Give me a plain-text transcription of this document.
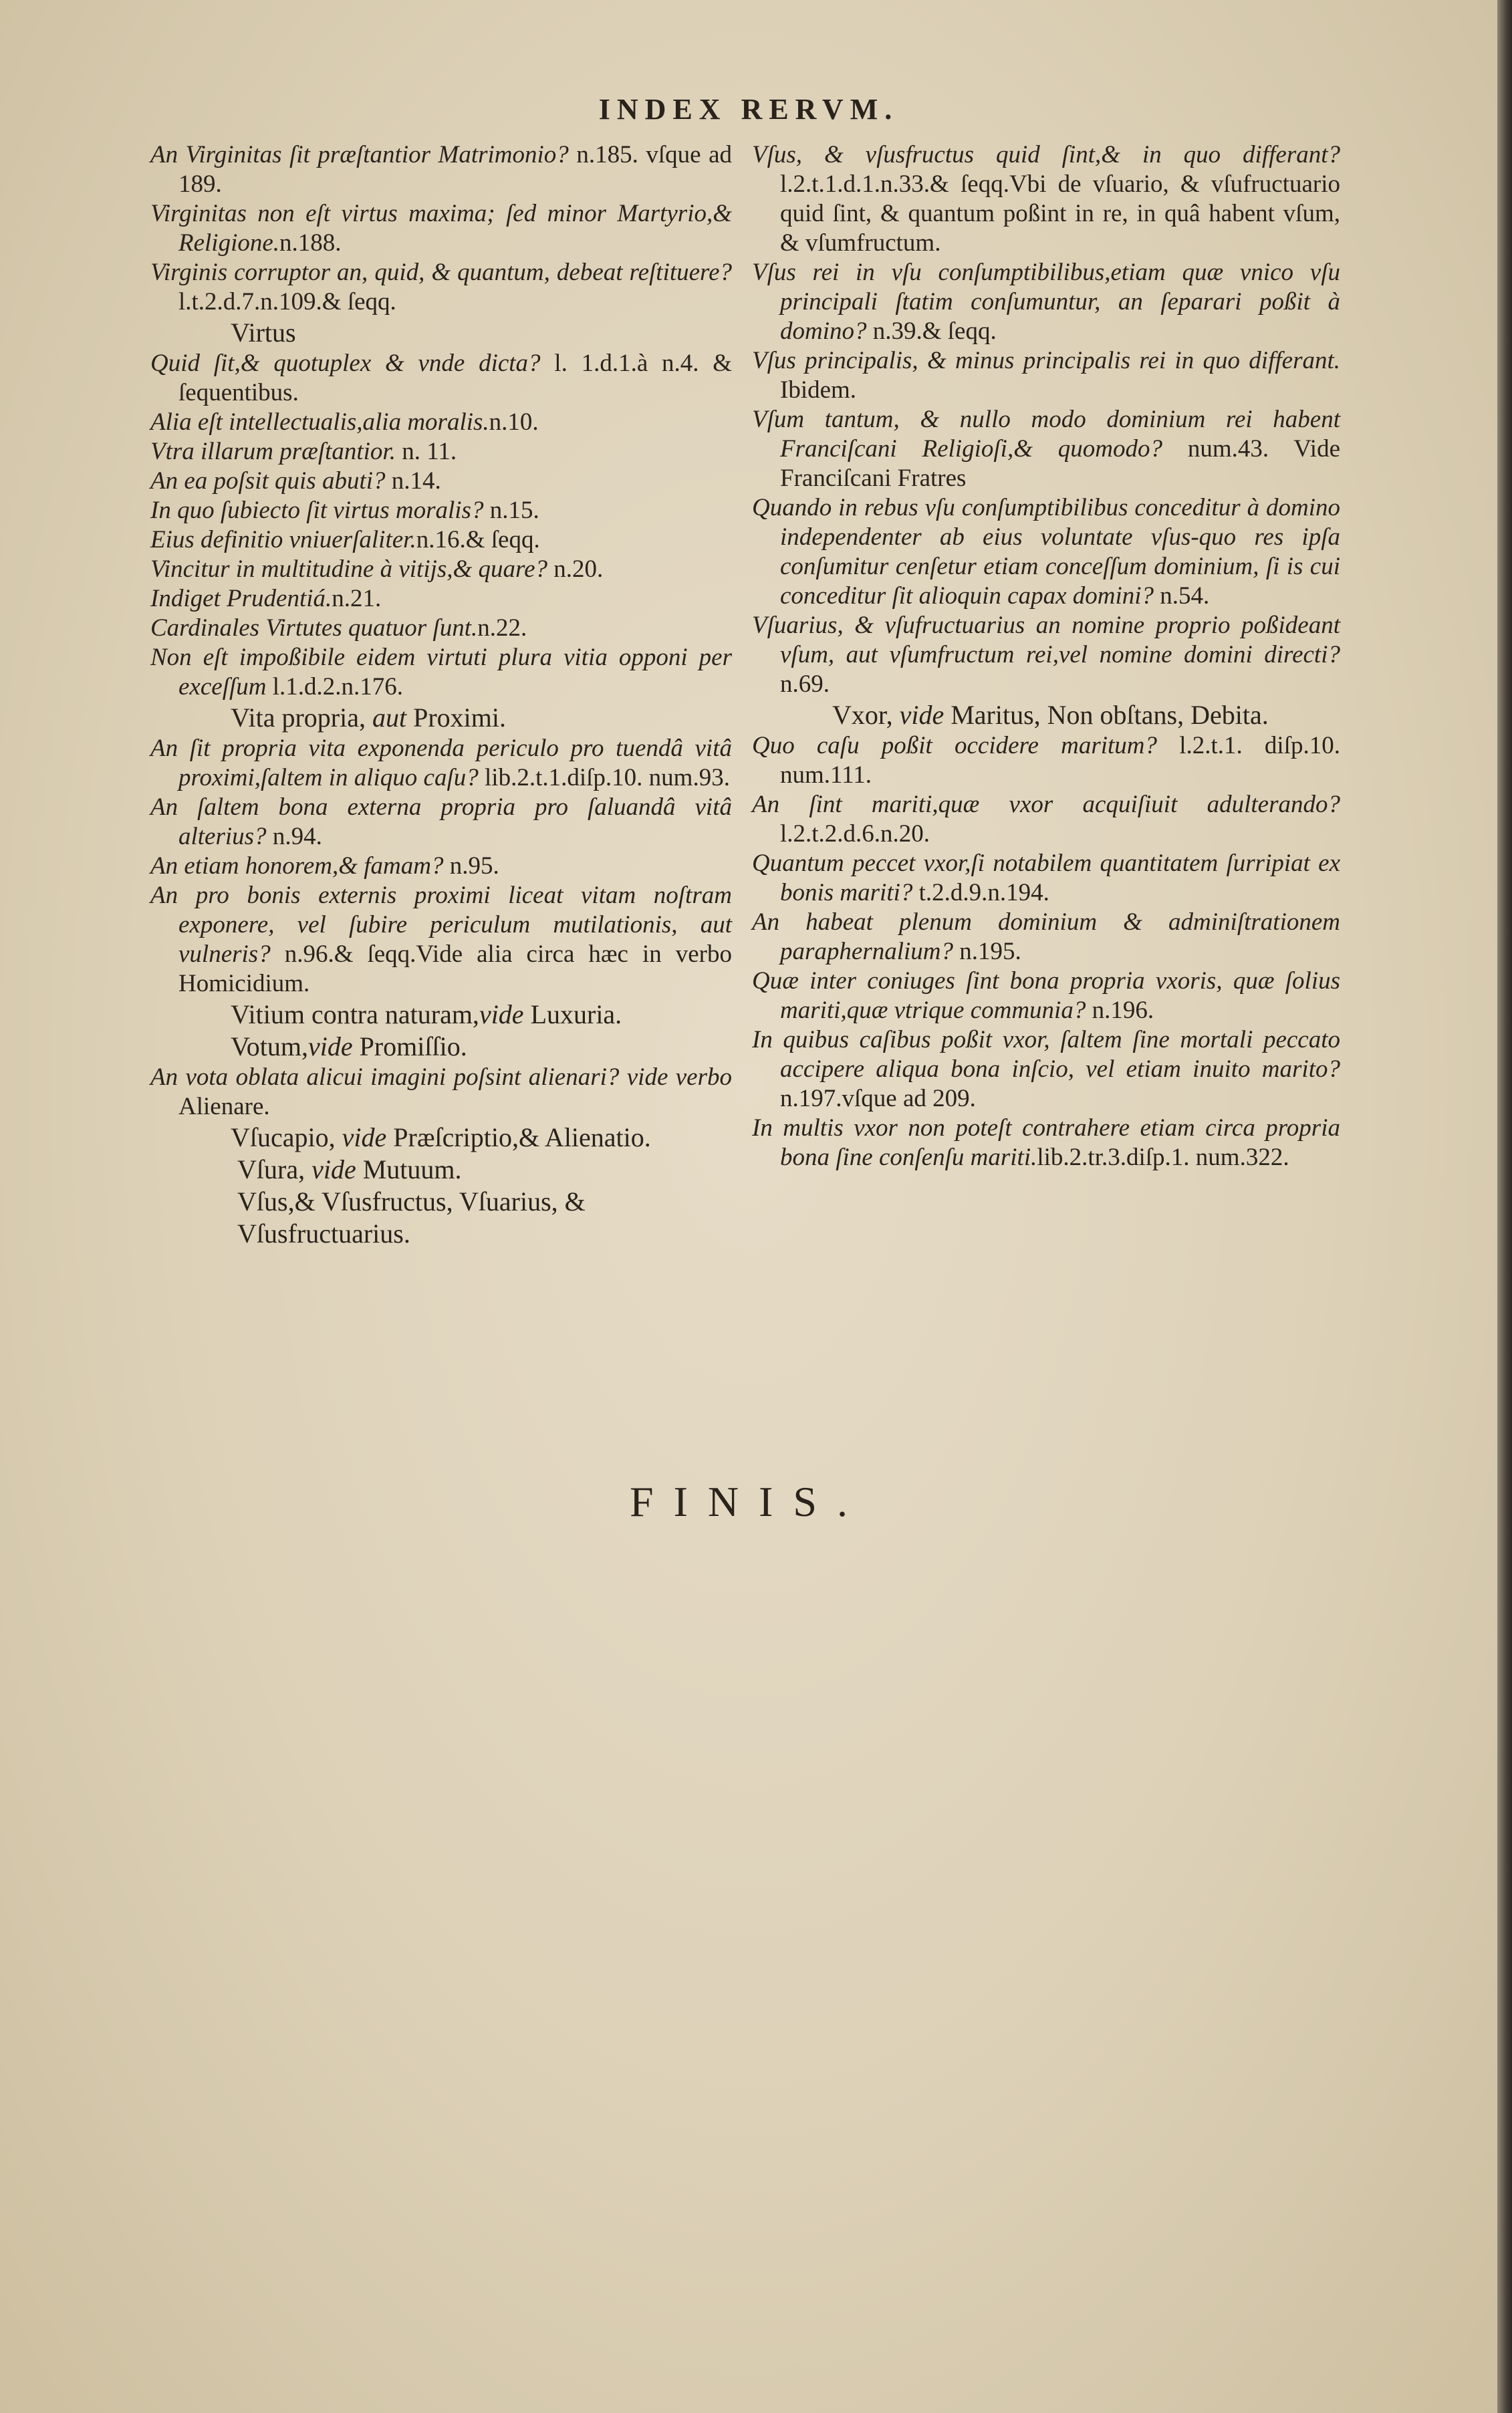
INDEX RERVM.

An Virginitas ſit præſtantior Matrimonio? n.185. vſque ad 189.

Virginitas non eſt virtus maxima; ſed minor Martyrio,& Religione.n.188.

Virginis corruptor an, quid, & quantum, debeat reſtituere? l.t.2.d.7.n.109.& ſeqq.

Virtus

Quid ſit,& quotuplex & vnde dicta? l. 1.d.1.à n.4. & ſequentibus.

Alia eſt intellectualis,alia moralis.n.10.

Vtra illarum præſtantior. n. 11.

An ea poſsit quis abuti? n.14.

In quo ſubiecto ſit virtus moralis? n.15.

Eius definitio vniuerſaliter.n.16.& ſeqq.

Vincitur in multitudine à vitijs,& quare? n.20.

Indiget Prudentiá.n.21.

Cardinales Virtutes quatuor ſunt.n.22.

Non eſt impoßibile eidem virtuti plura vitia opponi per exceſſum l.1.d.2.n.176.

Vita propria, aut Proximi.

An ſit propria vita exponenda periculo pro tuendâ vitâ proximi,ſaltem in aliquo caſu? lib.2.t.1.diſp.10. num.93.

An ſaltem bona externa propria pro ſaluandâ vitâ alterius? n.94.

An etiam honorem,& famam? n.95.

An pro bonis externis proximi liceat vitam noſtram exponere, vel ſubire periculum mutilationis, aut vulneris? n.96.& ſeqq.Vide alia circa hæc in verbo Homicidium.

Vitium contra naturam,vide Luxuria.

Votum,vide Promiſſio.

An vota oblata alicui imagini poſsint alienari? vide verbo Alienare.

Vſucapio, vide Præſcriptio,& Alienatio.

Vſura, vide Mutuum.

Vſus,& Vſusfructus, Vſuarius, & Vſusfructuarius.

Vſus, & vſusfructus quid ſint,& in quo differant? l.2.t.1.d.1.n.33.& ſeqq.Vbi de vſuario, & vſufructuario quid ſint, & quantum poßint in re, in quâ habent vſum, & vſumfructum.

Vſus rei in vſu conſumptibilibus,etiam quæ vnico vſu principali ſtatim conſumuntur, an ſeparari poßit à domino? n.39.& ſeqq.

Vſus principalis, & minus principalis rei in quo differant. Ibidem.

Vſum tantum, & nullo modo dominium rei habent Franciſcani Religioſi,& quomodo? num.43. Vide Franciſcani Fratres

Quando in rebus vſu conſumptibilibus conceditur à domino independenter ab eius voluntate vſus-quo res ipſa conſumitur cenſetur etiam conceſſum dominium, ſi is cui conceditur ſit alioquin capax domini? n.54.

Vſuarius, & vſufructuarius an nomine proprio poßideant vſum, aut vſumfructum rei,vel nomine domini directi? n.69.

Vxor, vide Maritus, Non obſtans, Debita.

Quo caſu poßit occidere maritum? l.2.t.1. diſp.10. num.111.

An ſint mariti,quæ vxor acquiſiuit adulterando? l.2.t.2.d.6.n.20.

Quantum peccet vxor,ſi notabilem quantitatem ſurripiat ex bonis mariti? t.2.d.9.n.194.

An habeat plenum dominium & adminiſtrationem paraphernalium? n.195.

Quæ inter coniuges ſint bona propria vxoris, quæ ſolius mariti,quæ vtrique communia? n.196.

In quibus caſibus poßit vxor, ſaltem ſine mortali peccato accipere aliqua bona inſcio, vel etiam inuito marito? n.197.vſque ad 209.

In multis vxor non poteſt contrahere etiam circa propria bona ſine conſenſu mariti.lib.2.tr.3.diſp.1. num.322.

FINIS.
